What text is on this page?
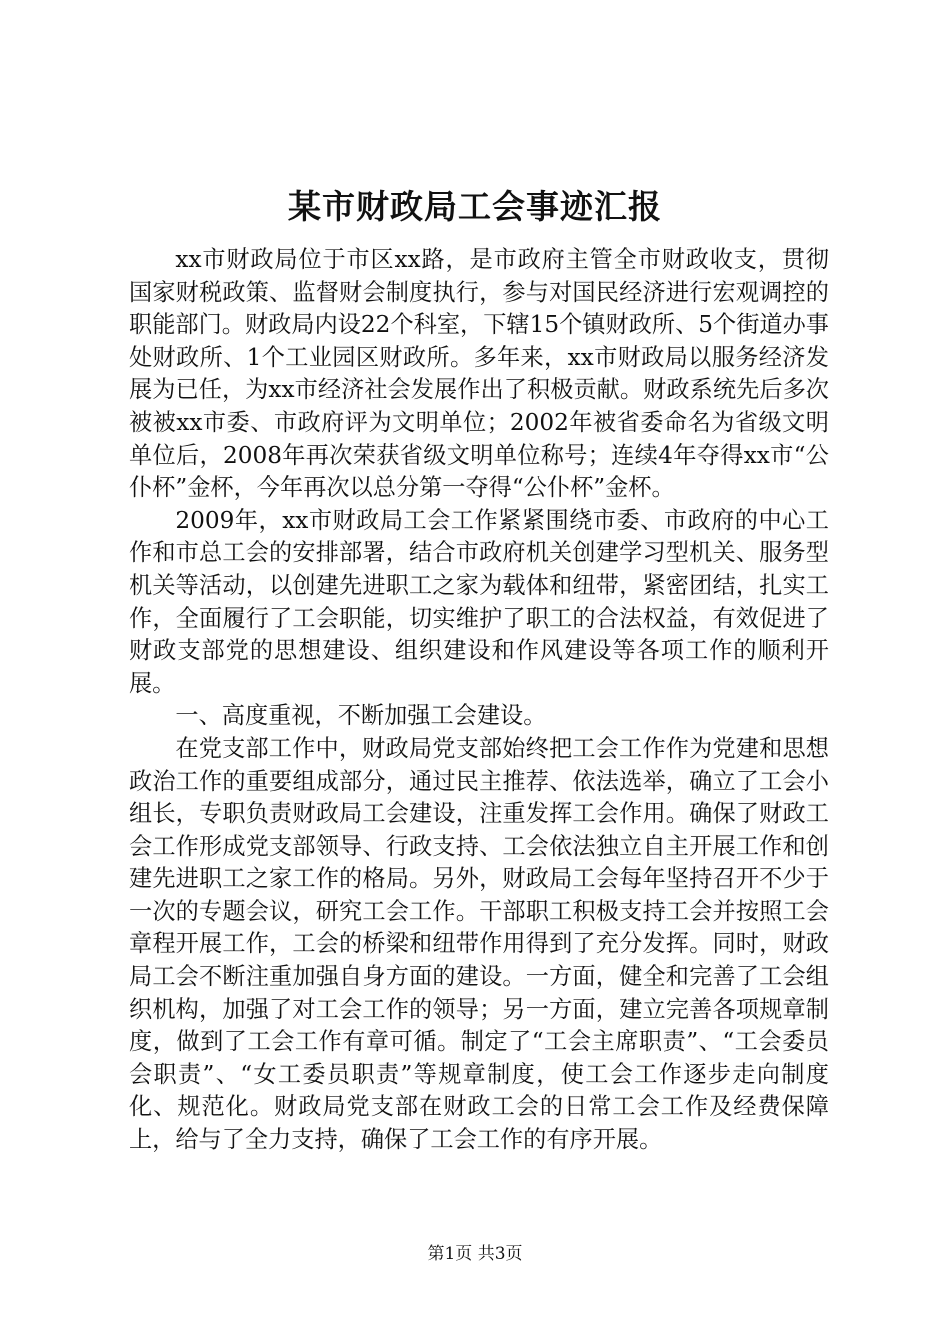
某市财政局工会事迹汇报

xx市财政局位于市区xx路，是市政府主管全市财政收支，贯彻国家财税政策、监督财会制度执行，参与对国民经济进行宏观调控的职能部门。财政局内设22个科室，下辖15个镇财政所、5个街道办事处财政所、1个工业园区财政所。多年来，xx市财政局以服务经济发展为已任，为xx市经济社会发展作出了积极贡献。财政系统先后多次被被xx市委、市政府评为文明单位；2002年被省委命名为省级文明单位后，2008年再次荣获省级文明单位称号；连续4年夺得xx市“公仆杯”金杯，今年再次以总分第一夺得“公仆杯”金杯。

2009年，xx市财政局工会工作紧紧围绕市委、市政府的中心工作和市总工会的安排部署，结合市政府机关创建学习型机关、服务型机关等活动，以创建先进职工之家为载体和纽带，紧密团结，扎实工作，全面履行了工会职能，切实维护了职工的合法权益，有效促进了财政支部党的思想建设、组织建设和作风建设等各项工作的顺利开展。

一、高度重视，不断加强工会建设。

在党支部工作中，财政局党支部始终把工会工作作为党建和思想政治工作的重要组成部分，通过民主推荐、依法选举，确立了工会小组长，专职负责财政局工会建设，注重发挥工会作用。确保了财政工会工作形成党支部领导、行政支持、工会依法独立自主开展工作和创建先进职工之家工作的格局。另外，财政局工会每年坚持召开不少于一次的专题会议，研究工会工作。干部职工积极支持工会并按照工会章程开展工作，工会的桥梁和纽带作用得到了充分发挥。同时，财政局工会不断注重加强自身方面的建设。一方面，健全和完善了工会组织机构，加强了对工会工作的领导；另一方面，建立完善各项规章制度，做到了工会工作有章可循。制定了“工会主席职责”、“工会委员会职责”、“女工委员职责”等规章制度，使工会工作逐步走向制度化、规范化。财政局党支部在财政工会的日常工会工作及经费保障上，给与了全力支持，确保了工会工作的有序开展。

第1页 共3页
